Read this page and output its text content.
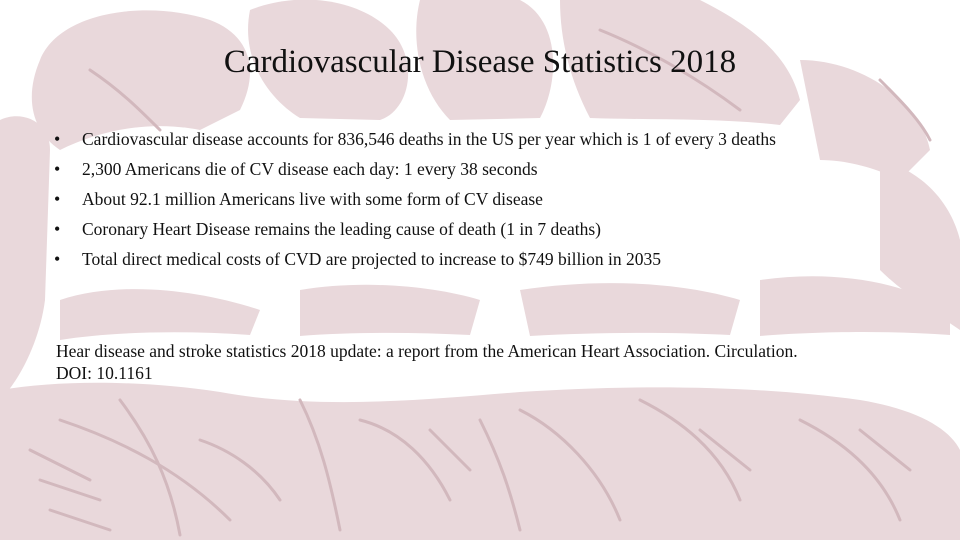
Cardiovascular Disease Statistics 2018
•	Cardiovascular disease accounts for 836,546 deaths in the US per year which is 1 of every 3 deaths
•	2,300 Americans die of CV disease each day: 1 every 38 seconds
•	About 92.1 million Americans live with some form of CV disease
•	Coronary Heart Disease remains the leading cause of death (1 in 7 deaths)
•	Total direct medical costs of CVD are projected to increase to $749 billion in 2035
Hear disease and stroke statistics 2018 update: a report from the American Heart Association. Circulation.
DOI: 10.1161
